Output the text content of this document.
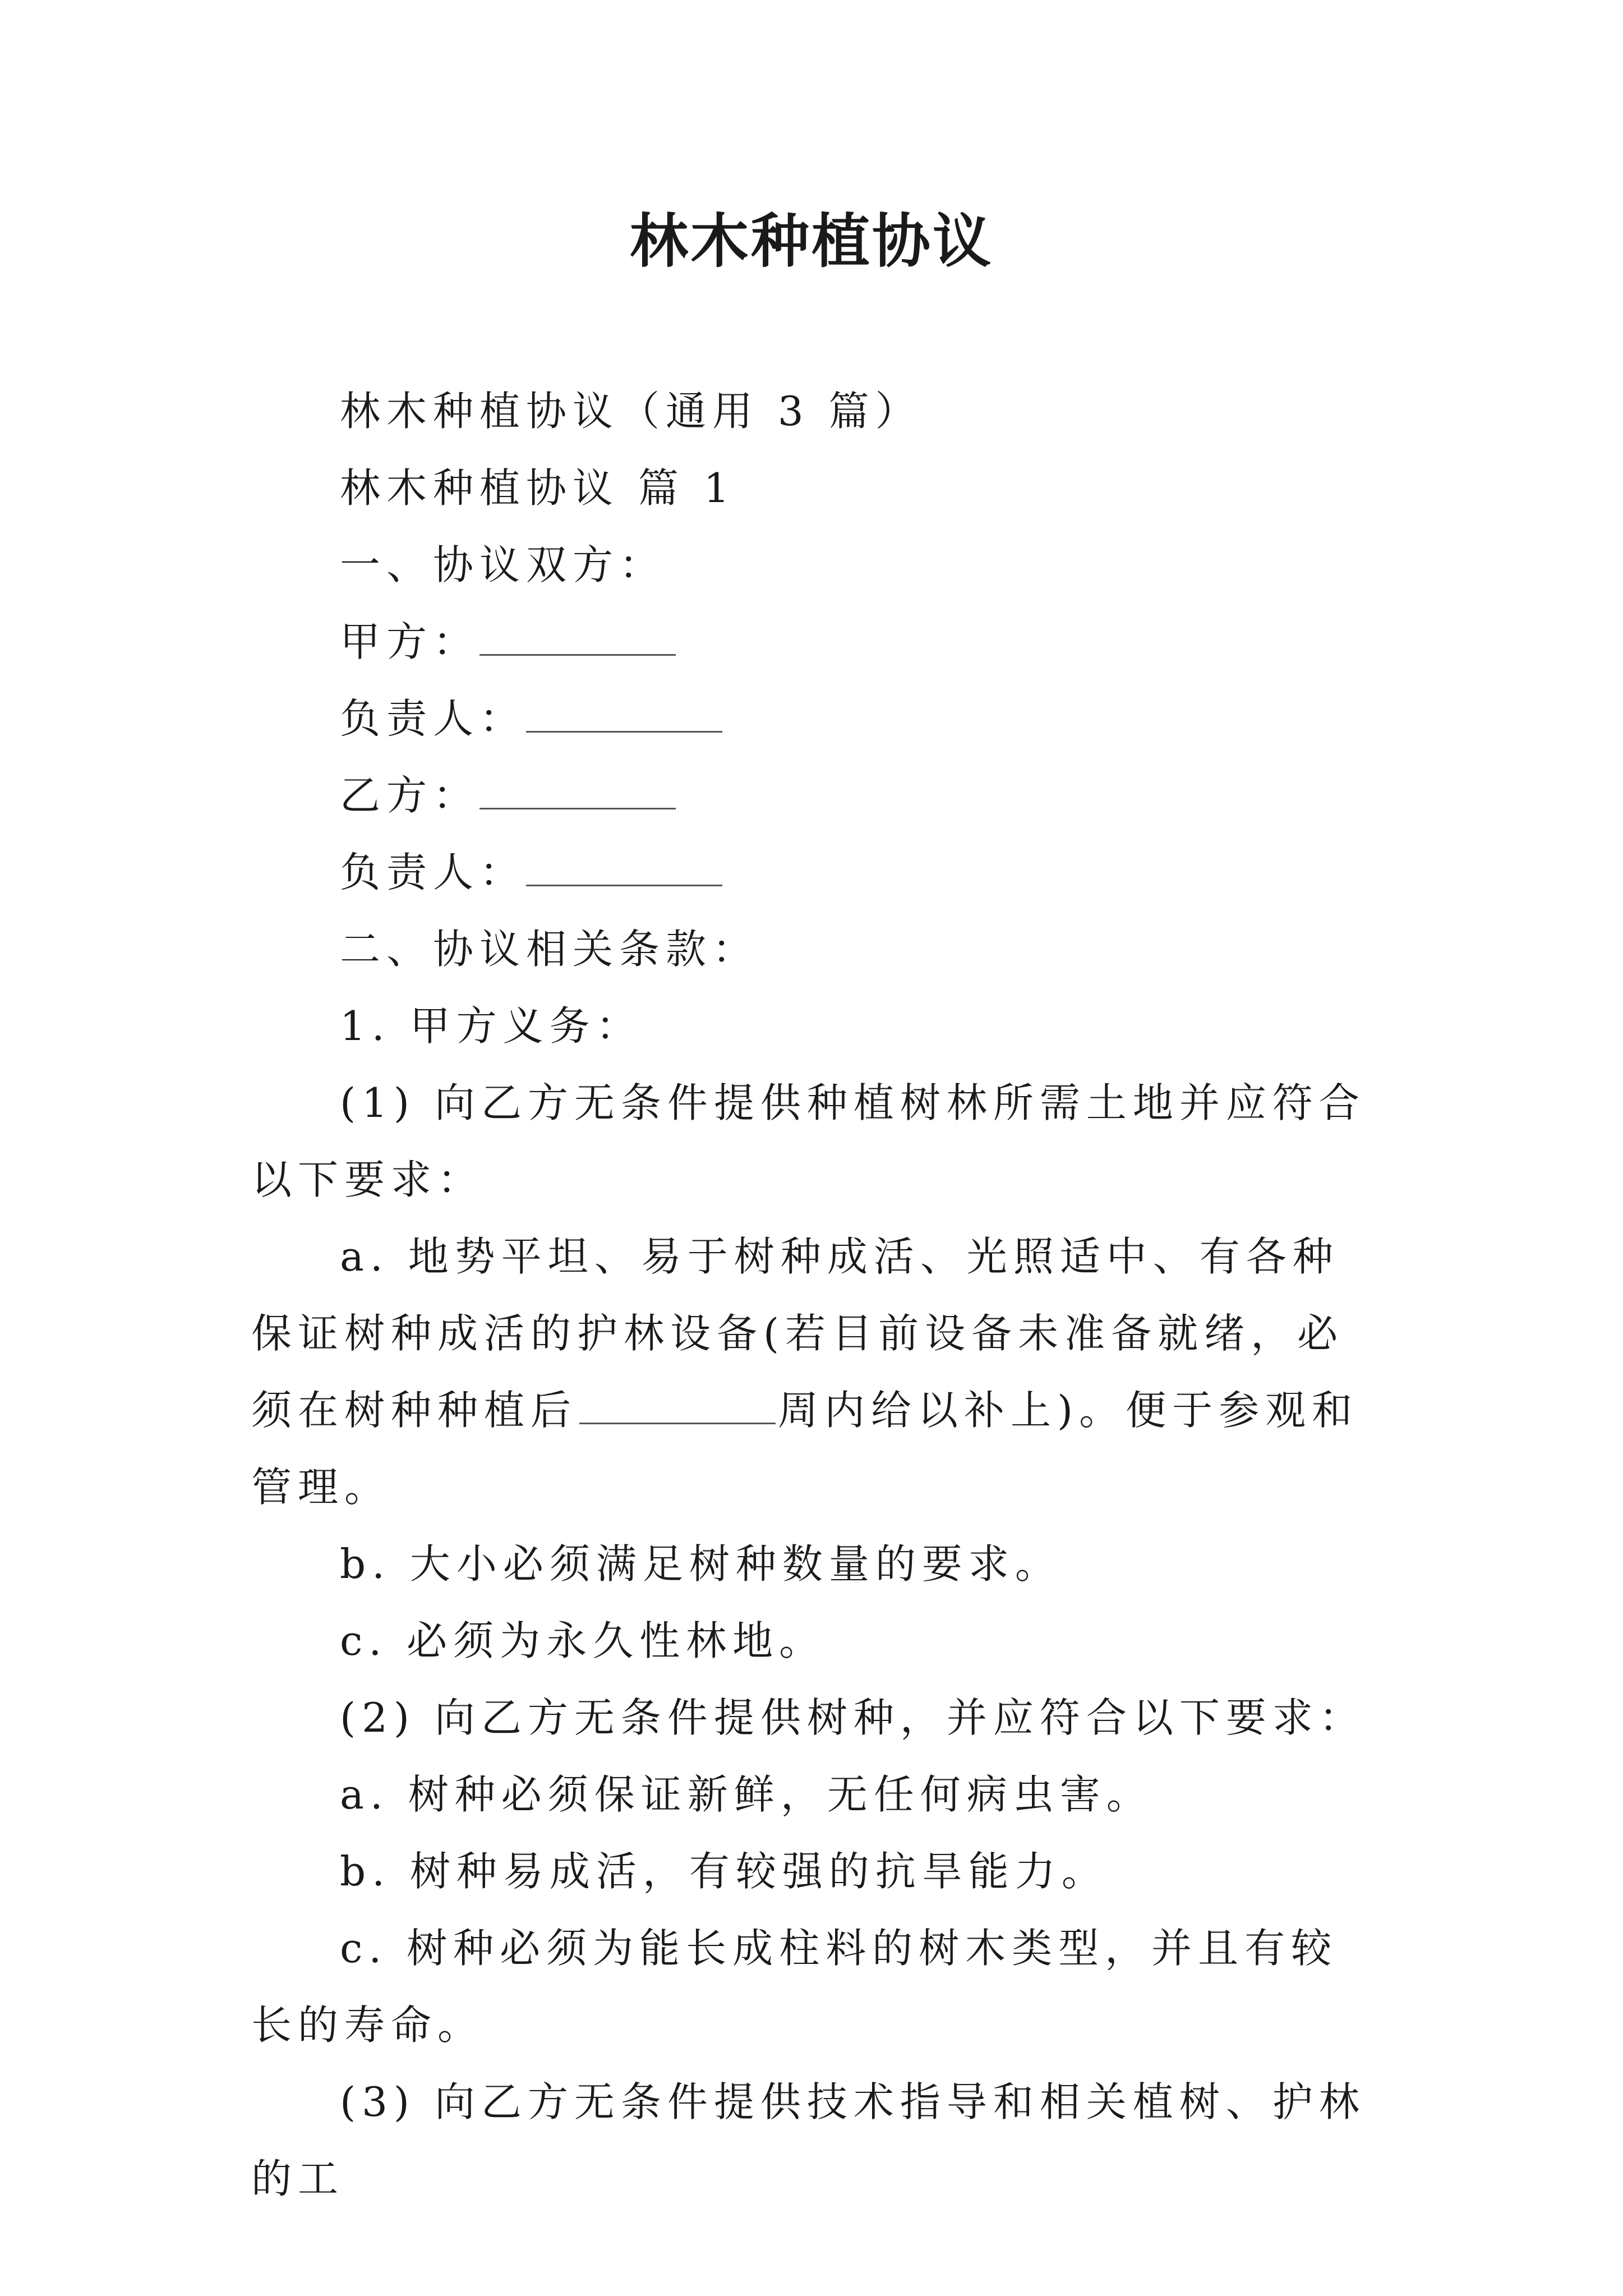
林木种植协议

林木种植协议（通用 3 篇）

林木种植协议 篇 1

一、协议双方：

甲方：

负责人：

乙方：

负责人：

二、协议相关条款：

1. 甲方义务：

(1) 向乙方无条件提供种植树林所需土地并应符合以下要求：

a. 地势平坦、易于树种成活、光照适中、有各种保证树种成活的护林设备(若目前设备未准备就绪，必须在树种种植后	周内给以补上)。便于参观和管理。

b. 大小必须满足树种数量的要求。

c. 必须为永久性林地。

(2) 向乙方无条件提供树种，并应符合以下要求：

a. 树种必须保证新鲜，无任何病虫害。

b. 树种易成活，有较强的抗旱能力。

c. 树种必须为能长成柱料的树木类型，并且有较长的寿命。

(3) 向乙方无条件提供技术指导和相关植树、护林的工
